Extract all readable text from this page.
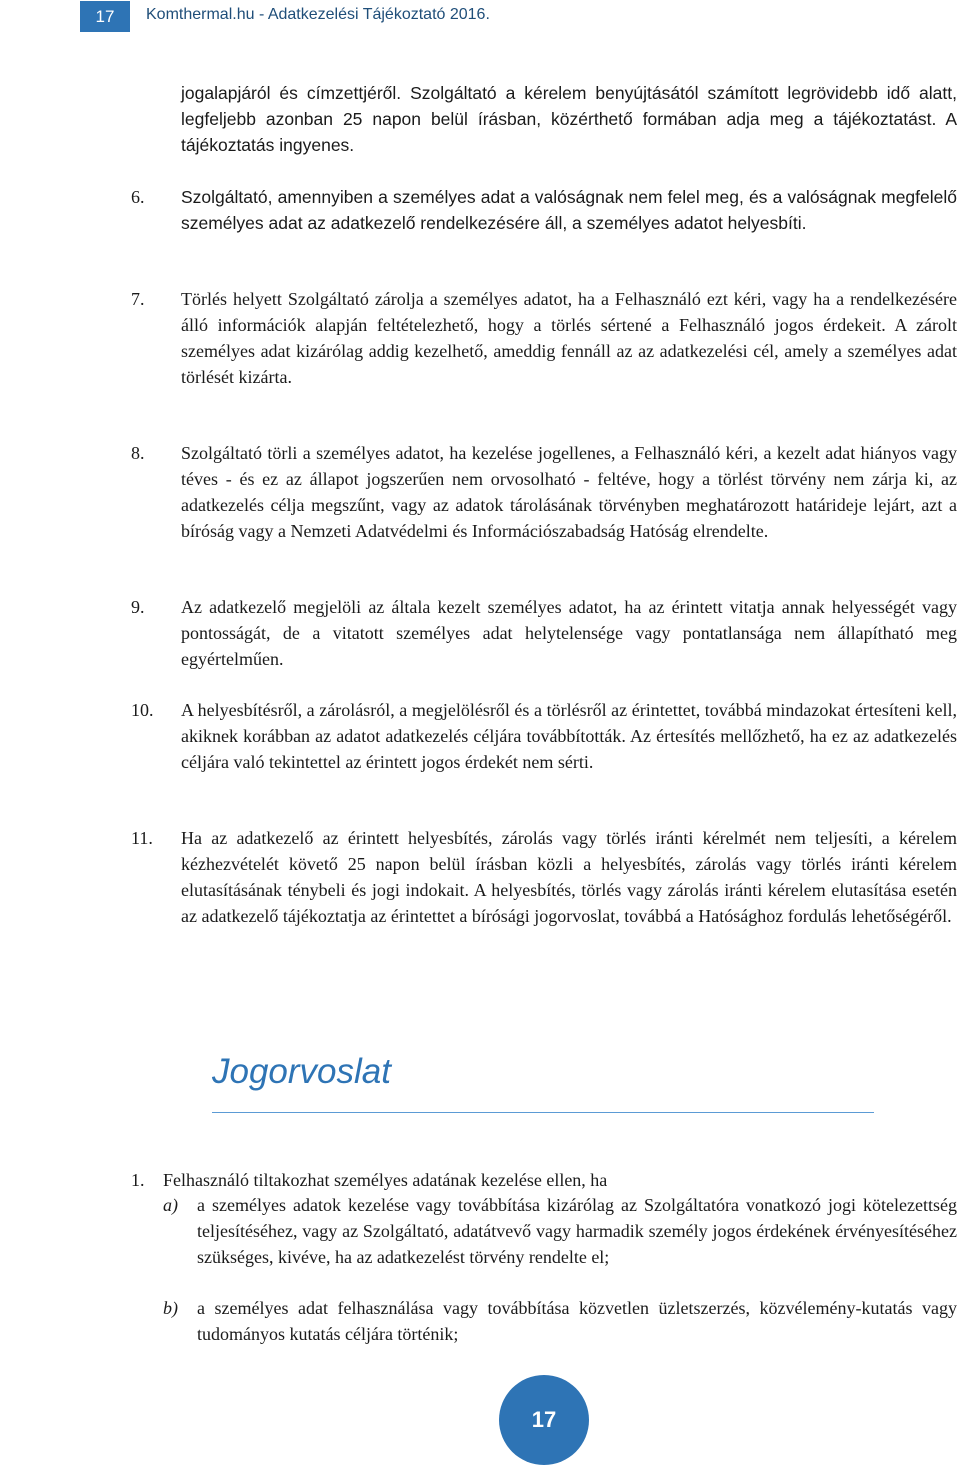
17	Komthermal.hu - Adatkezelési Tájékoztató 2016.
jogalapjáról és címzettjéről. Szolgáltató a kérelem benyújtásától számított legrövidebb idő alatt, legfeljebb azonban 25 napon belül írásban, közérthető formában adja meg a tájékoztatást. A tájékoztatás ingyenes.
6. Szolgáltató, amennyiben a személyes adat a valóságnak nem felel meg, és a valóságnak megfelelő személyes adat az adatkezelő rendelkezésére áll, a személyes adatot helyesbíti.
7. Törlés helyett Szolgáltató zárolja a személyes adatot, ha a Felhasználó ezt kéri, vagy ha a rendelkezésére álló információk alapján feltételezhető, hogy a törlés sértené a Felhasználó jogos érdekeit. A zárolt személyes adat kizárólag addig kezelhető, ameddig fennáll az az adatkezelési cél, amely a személyes adat törlését kizárta.
8. Szolgáltató törli a személyes adatot, ha kezelése jogellenes, a Felhasználó kéri, a kezelt adat hiányos vagy téves - és ez az állapot jogszerűen nem orvosolható - feltéve, hogy a törlést törvény nem zárja ki, az adatkezelés célja megszűnt, vagy az adatok tárolásának törvényben meghatározott határideje lejárt, azt a bíróság vagy a Nemzeti Adatvédelmi és Információszabadság Hatóság elrendelte.
9. Az adatkezelő megjelöli az általa kezelt személyes adatot, ha az érintett vitatja annak helyességét vagy pontosságát, de a vitatott személyes adat helytelensége vagy pontatlansága nem állapítható meg egyértelműen.
10. A helyesbítésről, a zárolásról, a megjelölésről és a törlésről az érintettet, továbbá mindazokat értesíteni kell, akiknek korábban az adatot adatkezelés céljára továbbították. Az értesítés mellőzhető, ha ez az adatkezelés céljára való tekintettel az érintett jogos érdekét nem sérti.
11. Ha az adatkezelő az érintett helyesbítés, zárolás vagy törlés iránti kérelmét nem teljesíti, a kérelem kézhezvételét követő 25 napon belül írásban közli a helyesbítés, zárolás vagy törlés iránti kérelem elutasításának ténybeli és jogi indokait. A helyesbítés, törlés vagy zárolás iránti kérelem elutasítása esetén az adatkezelő tájékoztatja az érintettet a bírósági jogorvoslat, továbbá a Hatósághoz fordulás lehetőségéről.
Jogorvoslat
1. Felhasználó tiltakozhat személyes adatának kezelése ellen, ha
a) a személyes adatok kezelése vagy továbbítása kizárólag az Szolgáltatóra vonatkozó jogi kötelezettség teljesítéséhez, vagy az Szolgáltató, adatátvevő vagy harmadik személy jogos érdekének érvényesítéséhez szükséges, kivéve, ha az adatkezelést törvény rendelte el;
b) a személyes adat felhasználása vagy továbbítása közvetlen üzletszerzés, közvélemény-kutatás vagy tudományos kutatás céljára történik;
17
